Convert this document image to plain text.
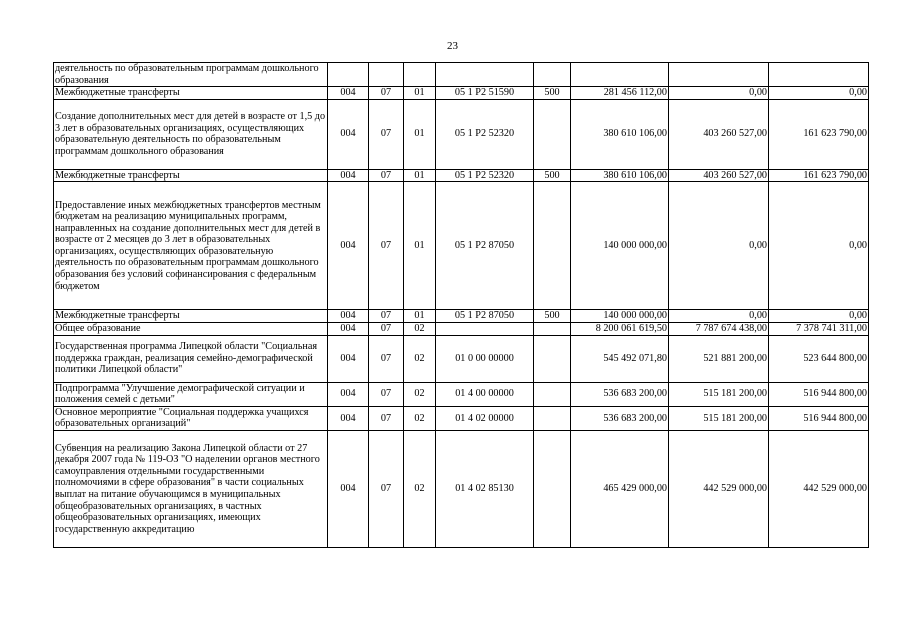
23
деятельность по образовательным программам дошкольного образования								
Межбюджетные трансферты	004	07	01	05 1 P2 51590	500	281 456 112,00	0,00	0,00
Создание дополнительных мест для детей в возрасте от 1,5 до 3 лет в образовательных организациях, осуществляющих образовательную деятельность по образовательным программам дошкольного образования	004	07	01	05 1 P2 52320		380 610 106,00	403 260 527,00	161 623 790,00
Межбюджетные трансферты	004	07	01	05 1 P2 52320	500	380 610 106,00	403 260 527,00	161 623 790,00
Предоставление иных межбюджетных трансфертов местным бюджетам на реализацию муниципальных программ, направленных на создание дополнительных мест для детей в возрасте от 2 месяцев до 3 лет в образовательных организациях, осуществляющих образовательную деятельность по образовательным программам дошкольного образования без условий софинансирования с федеральным бюджетом	004	07	01	05 1 P2 87050		140 000 000,00	0,00	0,00
Межбюджетные трансферты	004	07	01	05 1 P2 87050	500	140 000 000,00	0,00	0,00
Общее образование	004	07	02			8 200 061 619,50	7 787 674 438,00	7 378 741 311,00
Государственная программа Липецкой области "Социальная поддержка граждан, реализация семейно-демографической политики Липецкой области"	004	07	02	01 0 00 00000		545 492 071,80	521 881 200,00	523 644 800,00
Подпрограмма "Улучшение демографической ситуации и положения семей с детьми"	004	07	02	01 4 00 00000		536 683 200,00	515 181 200,00	516 944 800,00
Основное мероприятие "Социальная поддержка учащихся образовательных организаций"	004	07	02	01 4 02 00000		536 683 200,00	515 181 200,00	516 944 800,00
Субвенция на реализацию Закона Липецкой области от 27 декабря 2007 года № 119-ОЗ "О наделении органов местного самоуправления отдельными государственными полномочиями в сфере образования" в части социальных выплат на питание обучающимся в муниципальных общеобразовательных организациях, в частных общеобразовательных организациях, имеющих государственную аккредитацию	004	07	02	01 4 02 85130		465 429 000,00	442 529 000,00	442 529 000,00
